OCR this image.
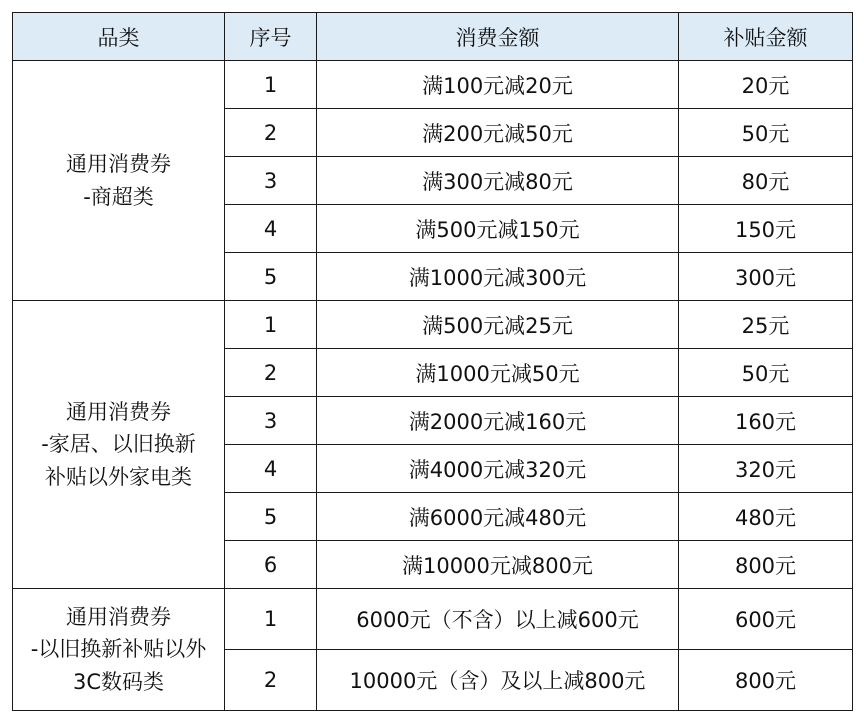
品类	序号	消费金额	补贴金额

通用消费券
-商超类	1	满100元减20元	20元
	2	满200元减50元	50元
	3	满300元减80元	80元
	4	满500元减150元	150元
	5	满1000元减300元	300元

通用消费券
-家居、以旧换新
补贴以外家电类	1	满500元减25元	25元
	2	满1000元减50元	50元
	3	满2000元减160元	160元
	4	满4000元减320元	320元
	5	满6000元减480元	480元
	6	满10000元减800元	800元

通用消费券
-以旧换新补贴以外
3C数码类	1	6000元（不含）以上减600元	600元
	2	10000元（含）及以上减800元	800元
